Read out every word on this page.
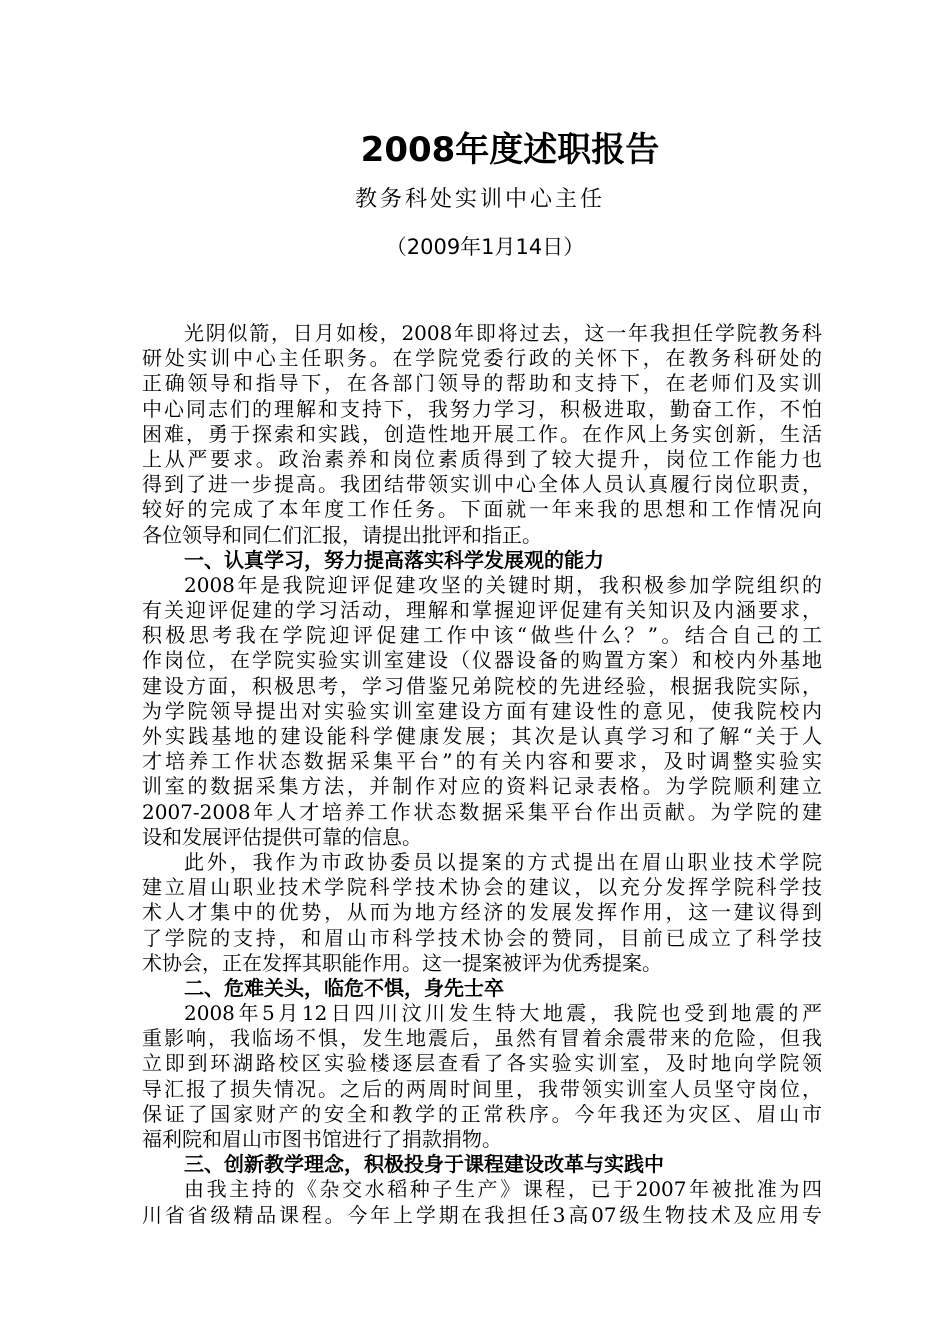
2008年度述职报告

教务科处实训中心主任

（2009年1月14日）

光阴似箭，日月如梭，2008年即将过去，这一年我担任学院教务科
研处实训中心主任职务。在学院党委行政的关怀下，在教务科研处的
正确领导和指导下，在各部门领导的帮助和支持下，在老师们及实训
中心同志们的理解和支持下，我努力学习，积极进取，勤奋工作，不怕
困难，勇于探索和实践，创造性地开展工作。在作风上务实创新，生活
上从严要求。政治素养和岗位素质得到了较大提升，岗位工作能力也
得到了进一步提高。我团结带领实训中心全体人员认真履行岗位职责，
较好的完成了本年度工作任务。下面就一年来我的思想和工作情况向
各位领导和同仁们汇报，请提出批评和指正。
一、认真学习，努力提高落实科学发展观的能力
2008年是我院迎评促建攻坚的关键时期，我积极参加学院组织的
有关迎评促建的学习活动，理解和掌握迎评促建有关知识及内涵要求，
积极思考我在学院迎评促建工作中该“做些什么？”。结合自己的工
作岗位，在学院实验实训室建设（仪器设备的购置方案）和校内外基地
建设方面，积极思考，学习借鉴兄弟院校的先进经验，根据我院实际，
为学院领导提出对实验实训室建设方面有建设性的意见，使我院校内
外实践基地的建设能科学健康发展；其次是认真学习和了解“关于人
才培养工作状态数据采集平台”的有关内容和要求，及时调整实验实
训室的数据采集方法，并制作对应的资料记录表格。为学院顺利建立
2007-2008年人才培养工作状态数据采集平台作出贡献。为学院的建
设和发展评估提供可靠的信息。
此外，我作为市政协委员以提案的方式提出在眉山职业技术学院
建立眉山职业技术学院科学技术协会的建议，以充分发挥学院科学技
术人才集中的优势，从而为地方经济的发展发挥作用，这一建议得到
了学院的支持，和眉山市科学技术协会的赞同，目前已成立了科学技
术协会，正在发挥其职能作用。这一提案被评为优秀提案。
二、危难关头，临危不惧，身先士卒
2008年5月12日四川汶川发生特大地震，我院也受到地震的严
重影响，我临场不惧，发生地震后，虽然有冒着余震带来的危险，但我
立即到环湖路校区实验楼逐层查看了各实验实训室，及时地向学院领
导汇报了损失情况。之后的两周时间里，我带领实训室人员坚守岗位，
保证了国家财产的安全和教学的正常秩序。今年我还为灾区、眉山市
福利院和眉山市图书馆进行了捐款捐物。
三、创新教学理念，积极投身于课程建设改革与实践中
由我主持的《杂交水稻种子生产》课程，已于2007年被批准为四
川省省级精品课程。今年上学期在我担任3高07级生物技术及应用专
